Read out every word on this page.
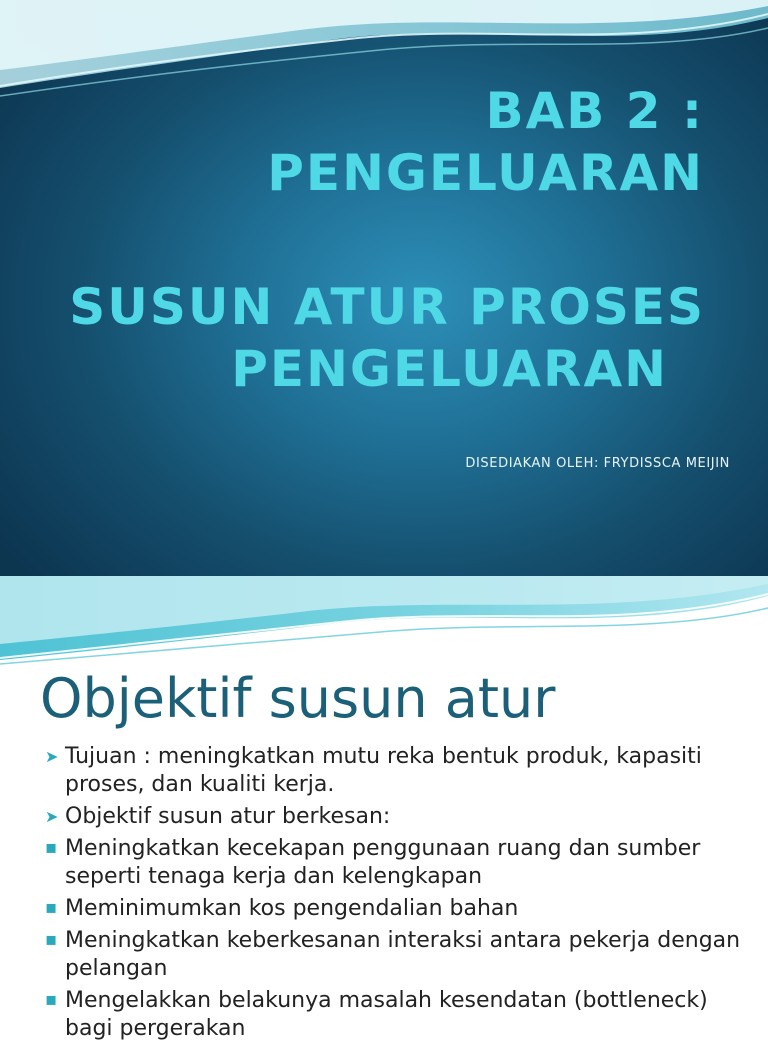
BAB 2 :
PENGELUARAN
SUSUN ATUR PROSES
PENGELUARAN
DISEDIAKAN OLEH: FRYDISSCA MEIJIN
Objektif susun atur
➤ Tujuan : meningkatkan mutu reka bentuk produk, kapasiti proses, dan kualiti kerja.
➤ Objektif susun atur berkesan:
▪ Meningkatkan kecekapan penggunaan ruang dan sumber seperti tenaga kerja dan kelengkapan
▪ Meminimumkan kos pengendalian bahan
▪ Meningkatkan keberkesanan interaksi antara pekerja dengan pelangan
▪ Mengelakkan belakunya masalah kesendatan (bottleneck) bagi pergerakan
